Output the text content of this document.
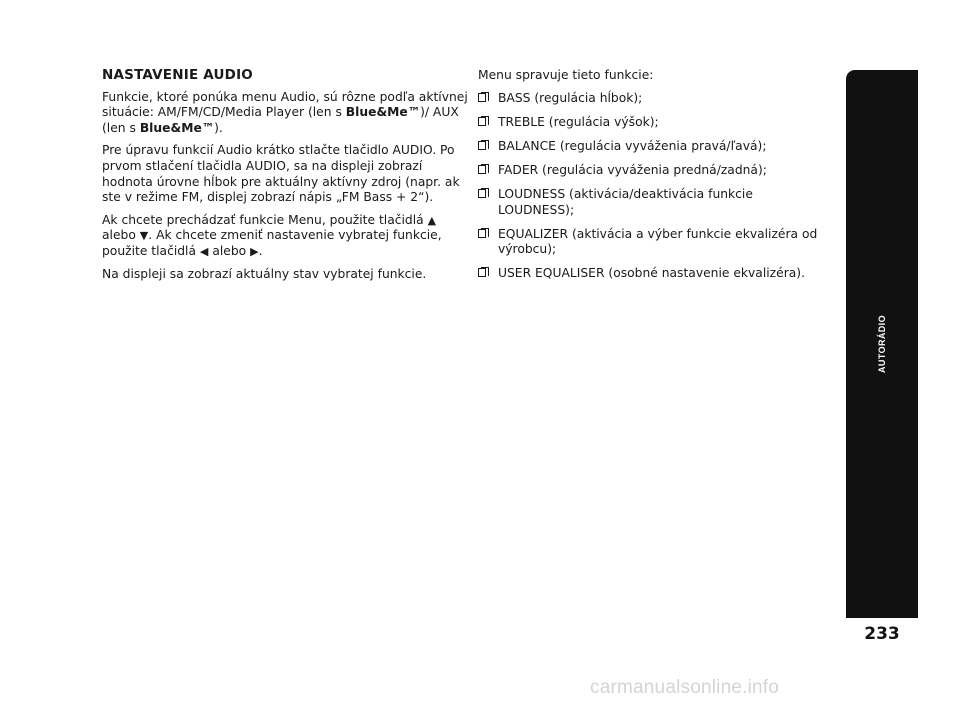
NASTAVENIE AUDIO

Funkcie, ktoré ponúka menu Audio, sú rôzne podľa aktívnej situácie: AM/FM/CD/Media Player (len s Blue&Me™)/ AUX (len s Blue&Me™).

Pre úpravu funkcií Audio krátko stlačte tlačidlo AUDIO. Po prvom stlačení tlačidla AUDIO, sa na displeji zobrazí hodnota úrovne hĺbok pre aktuálny aktívny zdroj (napr. ak ste v režime FM, displej zobrazí nápis „FM Bass + 2“).

Ak chcete prechádzať funkcie Menu, použite tlačidlá ▲ alebo ▼. Ak chcete zmeniť nastavenie vybratej funkcie, použite tlačidlá ◀ alebo ▶.

Na displeji sa zobrazí aktuálny stav vybratej funkcie.

Menu spravuje tieto funkcie:

BASS (regulácia hĺbok);
TREBLE (regulácia výšok);
BALANCE (regulácia vyváženia pravá/ľavá);
FADER (regulácia vyváženia predná/zadná);
LOUDNESS (aktivácia/deaktivácia funkcie LOUDNESS);
EQUALIZER (aktivácia a výber funkcie ekvalizéra od výrobcu);
USER EQUALISER (osobné nastavenie ekvalizéra).
AUTORÁDIO
233
carmanualsonline.info
